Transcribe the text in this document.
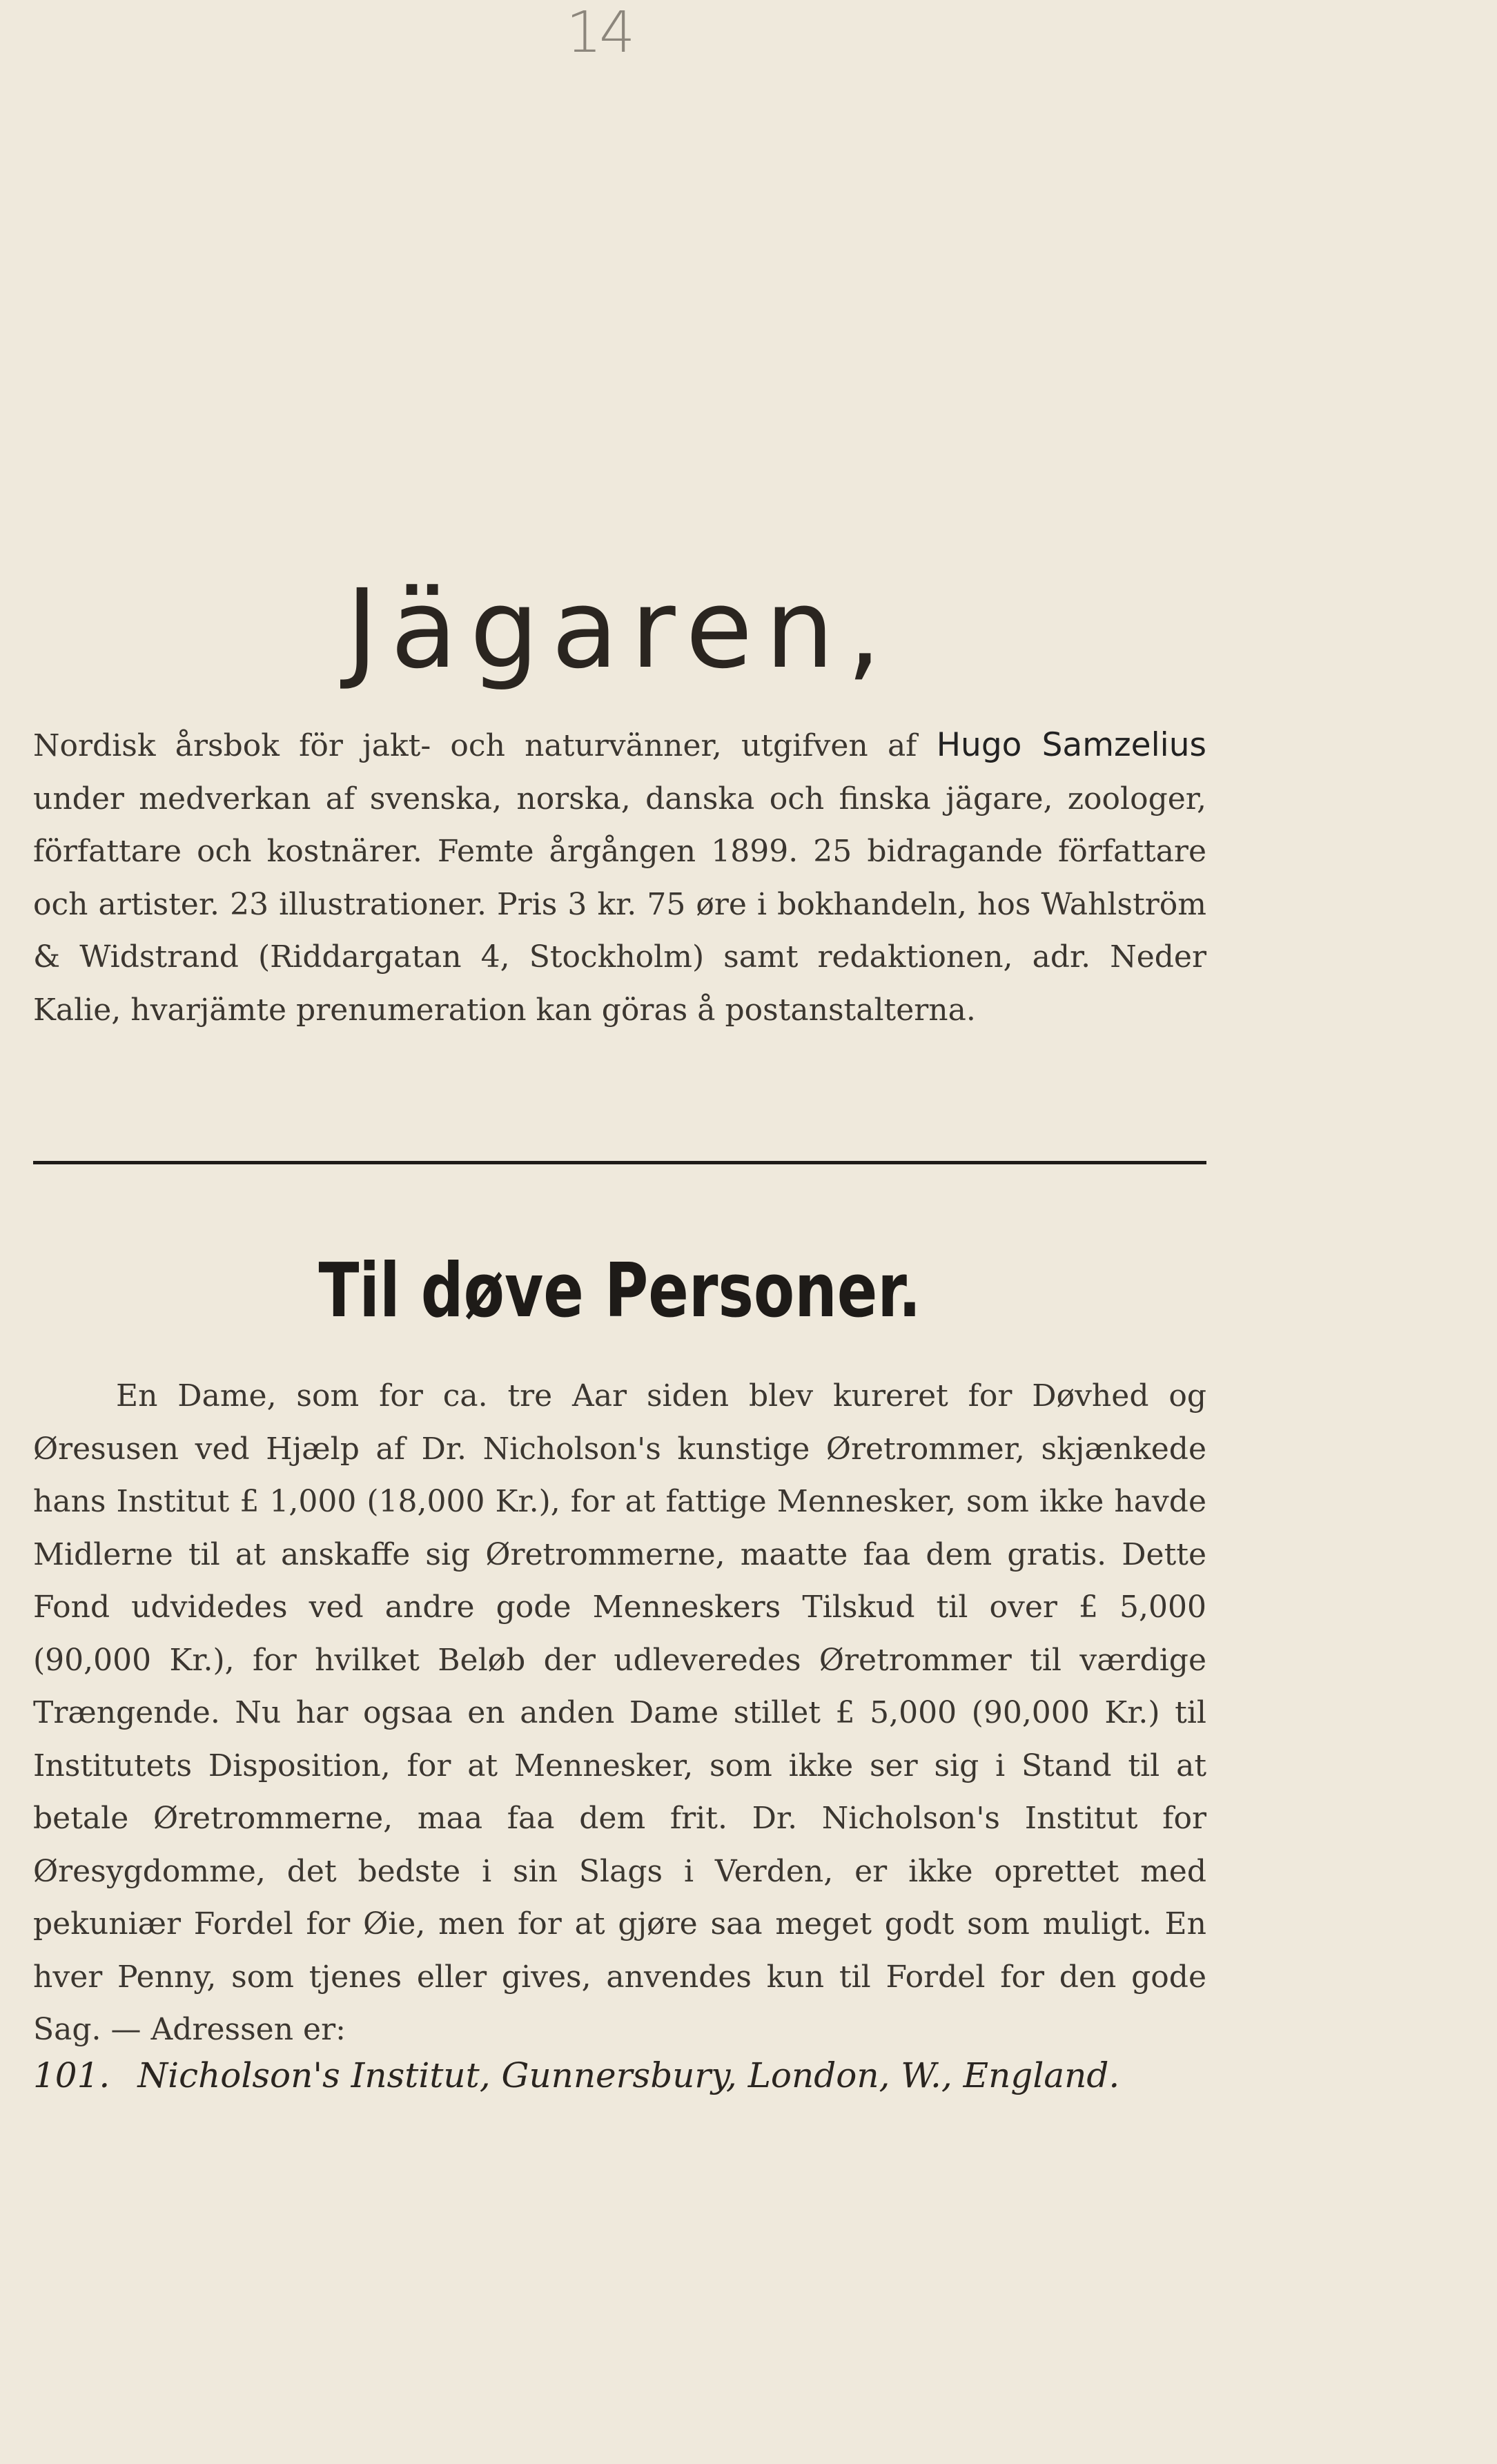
14
Jägaren,
Nordisk årsbok för jakt- och naturvänner, utgifven af Hugo Samzelius under medverkan af svenska, norska, danska och finska jägare, zoologer, författare och kostnärer. Femte årgången 1899. 25 bidragande författare och artister. 23 illustrationer. Pris 3 kr. 75 øre i bokhandeln, hos Wahlström & Widstrand (Riddargatan 4, Stockholm) samt redaktionen, adr. Neder Kalie, hvarjämte prenumeration kan göras å postanstalterna.
Til døve Personer.

En Dame, som for ca. tre Aar siden blev kureret for Døvhed og Øresusen ved Hjælp af Dr. Nicholson's kunstige Øretrommer, skjænkede hans Institut £ 1,000 (18,000 Kr.), for at fattige Mennesker, som ikke havde Midlerne til at anskaffe sig Øretrommerne, maatte faa dem gratis. Dette Fond udvidedes ved andre gode Menneskers Tilskud til over £ 5,000 (90,000 Kr.), for hvilket Beløb der udleveredes Øretrommer til værdige Trængende. Nu har ogsaa en anden Dame stillet £ 5,000 (90,000 Kr.) til Institutets Disposition, for at Mennesker, som ikke ser sig i Stand til at betale Øretrommerne, maa faa dem frit. Dr. Nicholson's Institut for Øresygdomme, det bedste i sin Slags i Verden, er ikke oprettet med pekuniær Fordel for Øie, men for at gjøre saa meget godt som muligt. En hver Penny, som tjenes eller gives, anvendes kun til Fordel for den gode Sag. — Adressen er:

101. Nicholson's Institut, Gunnersbury, London, W., England.
